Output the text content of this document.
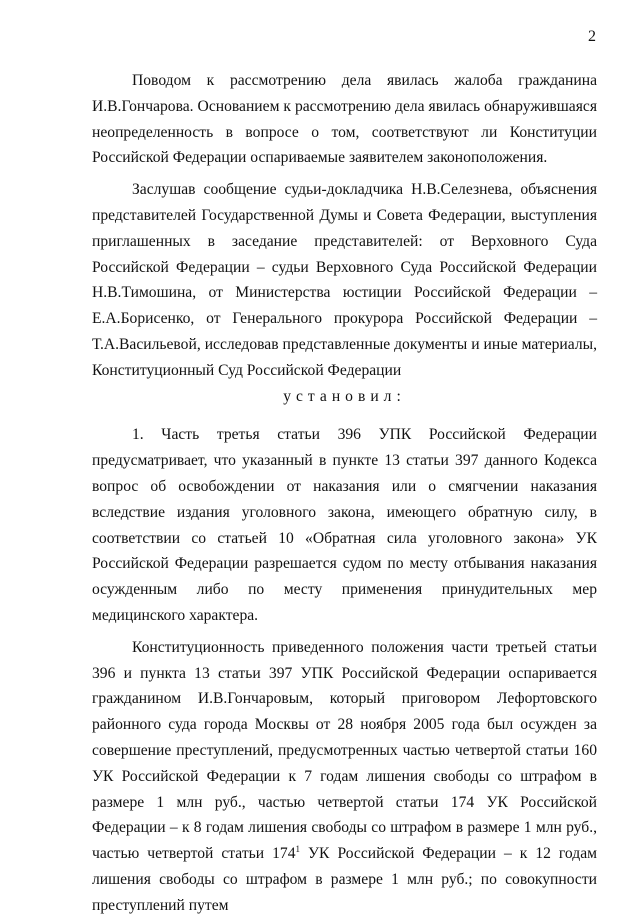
2

Поводом к рассмотрению дела явилась жалоба гражданина И.В.Гончарова. Основанием к рассмотрению дела явилась обнаружившаяся неопределенность в вопросе о том, соответствуют ли Конституции Российской Федерации оспариваемые заявителем законоположения.

Заслушав сообщение судьи-докладчика Н.В.Селезнева, объяснения представителей Государственной Думы и Совета Федерации, выступления приглашенных в заседание представителей: от Верховного Суда Российской Федерации – судьи Верховного Суда Российской Федерации Н.В.Тимошина, от Министерства юстиции Российской Федерации – Е.А.Борисенко, от Генерального прокурора Российской Федерации – Т.А.Васильевой, исследовав представленные документы и иные материалы, Конституционный Суд Российской Федерации

установил:

1. Часть третья статьи 396 УПК Российской Федерации предусматривает, что указанный в пункте 13 статьи 397 данного Кодекса вопрос об освобождении от наказания или о смягчении наказания вследствие издания уголовного закона, имеющего обратную силу, в соответствии со статьей 10 «Обратная сила уголовного закона» УК Российской Федерации разрешается судом по месту отбывания наказания осужденным либо по месту применения принудительных мер медицинского характера.

Конституционность приведенного положения части третьей статьи 396 и пункта 13 статьи 397 УПК Российской Федерации оспаривается гражданином И.В.Гончаровым, который приговором Лефортовского районного суда города Москвы от 28 ноября 2005 года был осужден за совершение преступлений, предусмотренных частью четвертой статьи 160 УК Российской Федерации к 7 годам лишения свободы со штрафом в размере 1 млн руб., частью четвертой статьи 174 УК Российской Федерации – к 8 годам лишения свободы со штрафом в размере 1 млн руб., частью четвертой статьи $174^1$ УК Российской Федерации – к 12 годам лишения свободы со штрафом в размере 1 млн руб.; по совокупности преступлений путем
